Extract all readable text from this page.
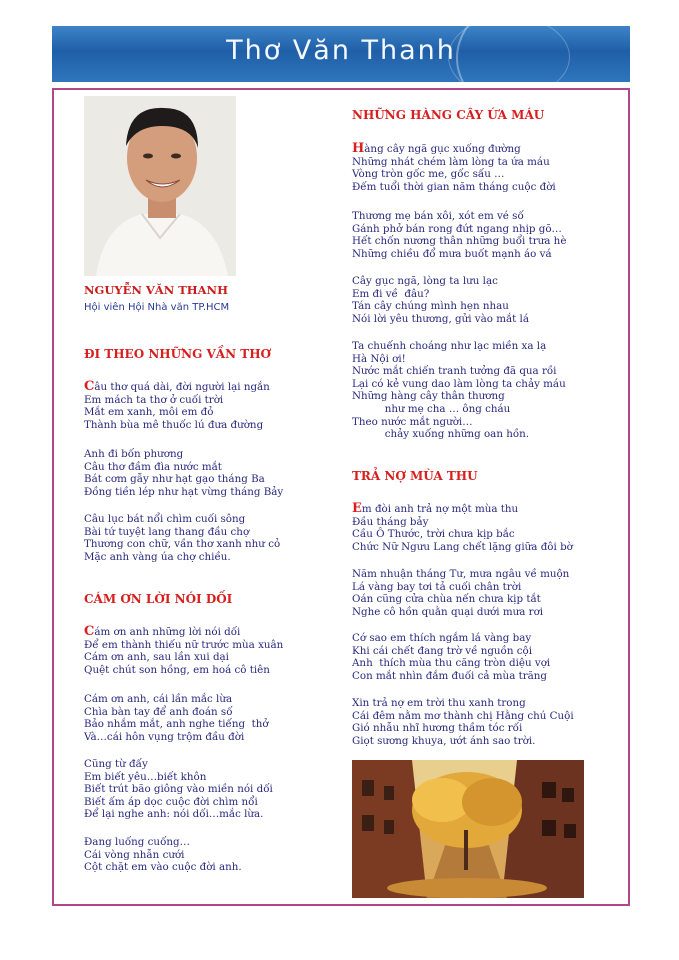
Thơ Văn Thanh
NGUYỄN VĂN THANH
Hội viên Hội Nhà văn TP.HCM
ĐI THEO NHỮNG VẦN THƠ
Câu thơ quá dài, đời người lại ngắn
Em mách ta thơ ở cuối trời
Mắt em xanh, môi em đỏ
Thành bùa mê thuốc lú đưa đường
Anh đi bốn phương
Câu thơ đầm đìa nước mắt
Bát cơm gẫy như hạt gạo tháng Ba
Đồng tiền lép như hạt vừng tháng Bảy
Câu lục bát nổi chìm cuối sông
Bài tứ tuyệt lang thang đầu chợ
Thương con chữ, vần thơ xanh như cỏ
Mặc anh vàng úa chợ chiều.
CÁM ƠN LỜI NÓI DỐI
Cám ơn anh những lời nói dối
Để em thành thiếu nữ trước mùa xuân
Cám ơn anh, sau lần xui dại
Quệt chút son hồng, em hoá cô tiên
Cám ơn anh, cái lần mắc lừa
Chìa bàn tay để anh đoán số
Bảo nhắm mắt, anh nghe tiếng  thở
Và…cái hôn vụng trộm đầu đời
Cũng từ đấy
Em biết yêu…biết khôn
Biết trút bão giông vào miền nói dối
Biết ấm áp dọc cuộc đời chìm nổi
Để lại nghe anh: nói dối…mắc lừa.
Đang luống cuống…
Cái vòng nhẫn cưới
Cột chặt em vào cuộc đời anh.
NHỮNG HÀNG CÂY ỨA MÁU
Hàng cây ngã gục xuống đường
Những nhát chém làm lòng ta ứa máu
Vòng tròn gốc me, gốc sấu …
Đếm tuổi thời gian năm tháng cuộc đời
Thương mẹ bán xôi, xót em vé số
Gánh phở bán rong đứt ngang nhịp gõ…
Hết chốn nương thân những buổi trưa hè
Những chiều đổ mưa buốt mạnh áo vá
Cây gục ngã, lòng ta lưu lạc
Em đi về  đâu?
Tán cây chúng mình hẹn nhau
Nói lời yêu thương, gửi vào mắt lá
Ta chuếnh choáng như lạc miền xa lạ
Hà Nội ơi!
Nước mắt chiến tranh tưởng đã qua rồi
Lại có kẻ vung dao làm lòng ta chảy máu
Những hàng cây thân thương
như mẹ cha … ông cháu
Theo nước mắt người…
chảy xuống những oan hồn.
TRẢ NỢ MÙA THU
Em đòi anh trả nợ một mùa thu
Đầu tháng bảy
Cầu Ô Thước, trời chưa kịp bắc
Chức Nữ Ngưu Lang chết lặng giữa đôi bờ
Năm nhuận tháng Tư, mưa ngâu về muộn
Lá vàng bay tơi tả cuối chân trời
Oán cũng cửa chùa nến chưa kịp tắt
Nghe cô hồn quằn quại dưới mưa rơi
Cớ sao em thích ngắm lá vàng bay
Khi cái chết đang trờ về nguồn cội
Anh  thích mùa thu căng tròn diệu vợi
Con mắt nhìn đắm đuối cả mùa trăng
Xin trả nợ em trời thu xanh trong
Cái đêm nằm mơ thành chị Hằng chú Cuội
Gió nhẫu nhĩ hương thầm tóc rối
Giọt sương khuya, ướt ánh sao trời.
